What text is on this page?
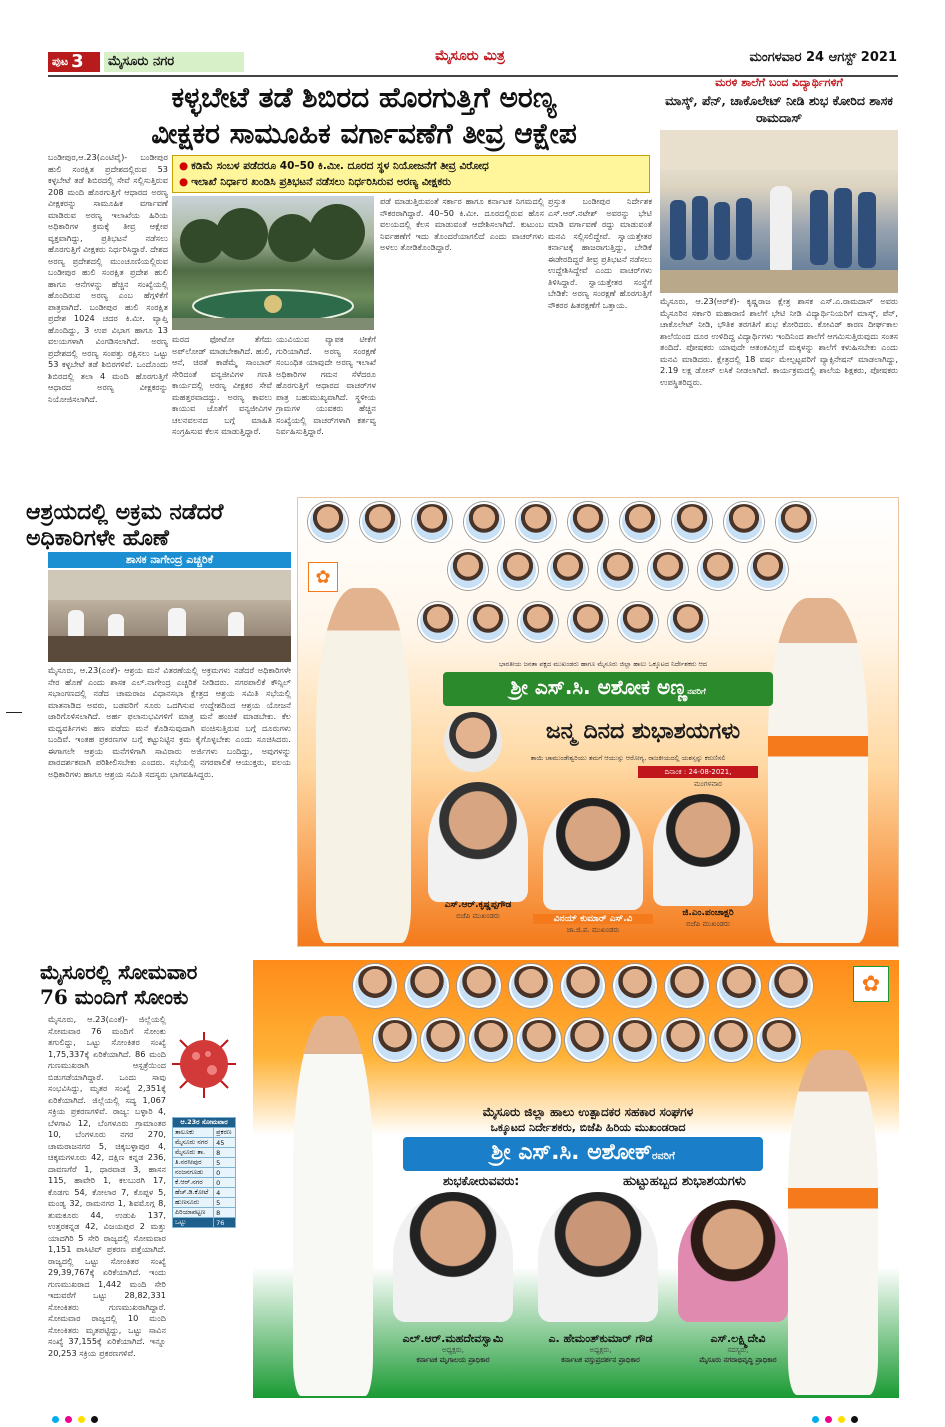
ಪುಟ 3	ಮೈಸೂರು ನಗರ	ಮೈಸೂರು ಮಿತ್ರ	ಮಂಗಳವಾರ 24 ಆಗಸ್ಟ್ 2021
ಕಳ್ಳಬೇಟೆ ತಡೆ ಶಿಬಿರದ ಹೊರಗುತ್ತಿಗೆ ಅರಣ್ಯ
ವೀಕ್ಷಕರ ಸಾಮೂಹಿಕ ವರ್ಗಾವಣೆಗೆ ತೀವ್ರ ಆಕ್ಷೇಪ
ಬಂಡೀಪುರ,ಆ.23(ಎಂಟಿವೈ)- ಬಂಡೀಪುರ ಹುಲಿ ಸಂರಕ್ಷಿತ ಪ್ರದೇಶದಲ್ಲಿರುವ 53 ಕಳ್ಳಬೇಟೆ ತಡೆ ಶಿಬಿರದಲ್ಲಿ ಸೇವೆ ಸಲ್ಲಿಸುತ್ತಿರುವ 208 ಮಂದಿ ಹೊರಗುತ್ತಿಗೆ ಆಧಾರದ ಅರಣ್ಯ ವೀಕ್ಷಕರನ್ನು ಸಾಮೂಹಿಕ ವರ್ಗಾವಣೆ ಮಾಡಿರುವ ಅರಣ್ಯ ಇಲಾಖೆಯ ಹಿರಿಯ ಅಧಿಕಾರಿಗಳ ಕ್ರಮಕ್ಕೆ ತೀವ್ರ ಆಕ್ಷೇಪ ವ್ಯಕ್ತವಾಗಿದ್ದು, ಪ್ರತಿಭಟನೆ ನಡೆಸಲು ಹೊರಗುತ್ತಿಗೆ ವೀಕ್ಷಕರು ನಿರ್ಧರಿಸಿದ್ದಾರೆ. ದೇಶದ ಅರಣ್ಯ ಪ್ರದೇಶದಲ್ಲಿ ಮುಂಚೂಣಿಯಲ್ಲಿರುವ ಬಂಡೀಪುರ ಹುಲಿ ಸಂರಕ್ಷಿತ ಪ್ರದೇಶ ಹುಲಿ ಹಾಗೂ ಆನೆಗಳನ್ನು ಹೆಚ್ಚಿನ ಸಂಖ್ಯೆಯಲ್ಲಿ ಹೊಂದಿರುವ ಅರಣ್ಯ ಎಂಬ ಹೆಗ್ಗಳಿಕೆಗೆ ಪಾತ್ರವಾಗಿದೆ. ಬಂಡೀಪುರ ಹುಲಿ ಸಂರಕ್ಷಿತ ಪ್ರದೇಶ 1024 ಚದರ ಕಿ.ಮೀ. ವ್ಯಾಪ್ತಿ ಹೊಂದಿದ್ದು, 3 ಉಪ ವಿಭಾಗ ಹಾಗೂ 13 ವಲಯಗಳಾಗಿ ವಿಂಗಡಿಸಲಾಗಿದೆ. ಅರಣ್ಯ ಪ್ರದೇಶದಲ್ಲಿ ಅರಣ್ಯ ಸಂಪತ್ತು ರಕ್ಷಿಸಲು ಒಟ್ಟು 53 ಕಳ್ಳಬೇಟೆ ತಡೆ ಶಿಬಿರಗಳಿವೆ. ಒಂದೊಂದು ಶಿಬಿರದಲ್ಲಿ ತಲಾ 4 ಮಂದಿ ಹೊರಗುತ್ತಿಗೆ ಆಧಾರದ ಅರಣ್ಯ ವೀಕ್ಷಕರನ್ನು ನಿಯೋಜಿಸಲಾಗಿದೆ.
● ಕಡಿಮೆ ಸಂಬಳ ಪಡೆದರೂ 40–50 ಕಿ.ಮೀ. ದೂರದ ಸ್ಥಳ ನಿಯೋಜನೆಗೆ ತೀವ್ರ ವಿರೋಧ
● ಇಲಾಖೆ ನಿರ್ಧಾರ ಖಂಡಿಸಿ ಪ್ರತಿಭಟನೆ ನಡೆಸಲು ನಿರ್ಧರಿಸಿರುವ ಅರಣ್ಯ ವೀಕ್ಷಕರು
ಮರದ ಫೋಟೋ ತೆಗೆದು ಅಪ್‌ಲೋಡ್ ಮಾಡಬೇಕಾಗಿದೆ. ಹುಲಿ, ಆನೆ, ಚಿರತೆ ಕಾಡೆಮ್ಮೆ ಸಾಂಬಾರ್ ಸೇರಿದಂತೆ ವನ್ಯಜೀವಿಗಳ ಗಣತಿ ಕಾರ್ಯದಲ್ಲಿ ಅರಣ್ಯ ವೀಕ್ಷಕರ ಸೇವೆ ಮಹತ್ತರವಾದದ್ದು. ಅರಣ್ಯ ಕಾವಲು ಕಾಯುವ ಜೊತೆಗೆ ವನ್ಯಜೀವಿಗಳ ಚಲನವಲನದ ಬಗ್ಗೆ ಮಾಹಿತಿ ಸಂಗ್ರಹಿಸುವ ಕೆಲಸ ಮಾಡುತ್ತಿದ್ದಾರೆ.
ಯುವಿಯುವ ವ್ಯಾಪಕ ಟೀಕೆಗೆ ಗುರಿಯಾಗಿದೆ. ಅರಣ್ಯ ಸಂರಕ್ಷಣೆ ಸಂಬಂಧಿತ ಯಾವುದೇ ಅರಣ್ಯ ಇಲಾಖೆ ಅಧಿಕಾರಿಗಳ ಗಮನ ಸೆಳೆದರೂ ಹೊರಗುತ್ತಿಗೆ ಆಧಾರದ ವಾಚರ್‌ಗಳ ಪಾತ್ರ ಬಹುಮುಖ್ಯವಾಗಿದೆ. ಸ್ಥಳೀಯ ಗ್ರಾಮಗಳ ಯುವಕರು ಹೆಚ್ಚಿನ ಸಂಖ್ಯೆಯಲ್ಲಿ ವಾಚರ್‌ಗಳಾಗಿ ಕರ್ತವ್ಯ ನಿರ್ವಹಿಸುತ್ತಿದ್ದಾರೆ.
ಪಡೆ ಮಾಡುತ್ತಿರುವಂತೆ ಸರ್ಕಾರ ಹಾಗೂ ಕರ್ನಾಟಕ ನಿಗಮದಲ್ಲಿ ನೌಕರರಾಗಿದ್ದಾರೆ. 40–50 ಕಿ.ಮೀ. ದೂರದಲ್ಲಿರುವ ಹೊಸ ವಲಯದಲ್ಲಿ ಕೆಲಸ ಮಾಡುವಂತೆ ಆದೇಶಿಸಲಾಗಿದೆ. ಕುಟುಂಬ ನಿರ್ವಹಣೆಗೆ ಇದು ತೊಂದರೆಯಾಗಲಿದೆ ಎಂದು ವಾಚರ್‌ಗಳು ಅಳಲು ತೋಡಿಕೊಂಡಿದ್ದಾರೆ.
ಪ್ರಸ್ತುತ ಬಂಡೀಪುರ ನಿರ್ದೇಶಕ ಎಸ್.ಆರ್.ನಟೇಶ್ ಅವರನ್ನು ಭೇಟಿ ಮಾಡಿ ವರ್ಗಾವಣೆ ರದ್ದು ಮಾಡುವಂತೆ ಮನವಿ ಸಲ್ಲಿಸಲಿದ್ದೇವೆ. ಸ್ವಾಯತ್ತೇತರ ಕರ್ನಾಟಕ್ಕೆ ಹಾಜರಾಗುತ್ತಿದ್ದು, ಬೇಡಿಕೆ ಈಡೇರದಿದ್ದರೆ ತೀವ್ರ ಪ್ರತಿಭಟನೆ ನಡೆಸಲು ಉದ್ದೇಶಿಸಿದ್ದೇವೆ ಎಂದು ವಾಚರ್‌ಗಳು ತಿಳಿಸಿದ್ದಾರೆ. ಸ್ವಾಯತ್ತೇತರ ಸಂಸ್ಥೆಗೆ ಬೇಡಿಕೆ: ಅರಣ್ಯ ಸಂರಕ್ಷಣೆ ಹೊರಗುತ್ತಿಗೆ ನೌಕರರ ಹಿತರಕ್ಷಣೆಗೆ ಒತ್ತಾಯ.
ಮರಳಿ ಶಾಲೆಗೆ ಬಂದ ವಿದ್ಯಾರ್ಥಿಗಳಿಗೆ
ಮಾಸ್ಕ್, ಪೆನ್, ಚಾಕೊಲೇಟ್ ನೀಡಿ ಶುಭ ಕೋರಿದ ಶಾಸಕ ರಾಮದಾಸ್
ಮೈಸೂರು, ಆ.23(ಆರ್‌ಕೆ)- ಕೃಷ್ಣರಾಜ ಕ್ಷೇತ್ರ ಶಾಸಕ ಎಸ್.ಎ.ರಾಮದಾಸ್ ಅವರು ಮೈಸೂರಿನ ಸರ್ಕಾರಿ ಮಹಾರಾಣಿ ಶಾಲೆಗೆ ಭೇಟಿ ನೀಡಿ ವಿದ್ಯಾರ್ಥಿನಿಯರಿಗೆ ಮಾಸ್ಕ್, ಪೆನ್, ಚಾಕೊಲೇಟ್ ನೀಡಿ, ಭೌತಿಕ ತರಗತಿಗೆ ಶುಭ ಕೋರಿದರು. ಕೋವಿಡ್ ಕಾರಣ ದೀರ್ಘಕಾಲ ಶಾಲೆಯಿಂದ ದೂರ ಉಳಿದಿದ್ದ ವಿದ್ಯಾರ್ಥಿಗಳು ಇಂದಿನಿಂದ ಶಾಲೆಗೆ ಆಗಮಿಸುತ್ತಿರುವುದು ಸಂತಸ ತಂದಿದೆ. ಪೋಷಕರು ಯಾವುದೇ ಆತಂಕವಿಲ್ಲದೆ ಮಕ್ಕಳನ್ನು ಶಾಲೆಗೆ ಕಳುಹಿಸಬೇಕು ಎಂದು ಮನವಿ ಮಾಡಿದರು. ಕ್ಷೇತ್ರದಲ್ಲಿ 18 ವರ್ಷ ಮೇಲ್ಪಟ್ಟವರಿಗೆ ವ್ಯಾಕ್ಸಿನೇಷನ್ ಮಾಡಲಾಗಿದ್ದು, 2.19 ಲಕ್ಷ ಡೋಸ್ ಲಸಿಕೆ ನೀಡಲಾಗಿದೆ. ಕಾರ್ಯಕ್ರಮದಲ್ಲಿ ಶಾಲೆಯ ಶಿಕ್ಷಕರು, ಪೋಷಕರು ಉಪಸ್ಥಿತರಿದ್ದರು.
ಆಶ್ರಯದಲ್ಲಿ ಅಕ್ರಮ ನಡೆದರೆ
ಅಧಿಕಾರಿಗಳೇ ಹೊಣೆ
ಶಾಸಕ ನಾಗೇಂದ್ರ ಎಚ್ಚರಿಕೆ
ಮೈಸೂರು, ಆ.23(ಎಂಕೆ)- ಆಶ್ರಯ ಮನೆ ವಿತರಣೆಯಲ್ಲಿ ಅಕ್ರಮಗಳು ನಡೆದರೆ ಅಧಿಕಾರಿಗಳೇ ನೇರ ಹೊಣೆ ಎಂದು ಶಾಸಕ ಎಲ್.ನಾಗೇಂದ್ರ ಎಚ್ಚರಿಕೆ ನೀಡಿದರು. ನಗರಪಾಲಿಕೆ ಕೌನ್ಸಿಲ್ ಸಭಾಂಗಣದಲ್ಲಿ ನಡೆದ ಚಾಮರಾಜ ವಿಧಾನಸಭಾ ಕ್ಷೇತ್ರದ ಆಶ್ರಯ ಸಮಿತಿ ಸಭೆಯಲ್ಲಿ ಮಾತನಾಡಿದ ಅವರು, ಬಡವರಿಗೆ ಸೂರು ಒದಗಿಸುವ ಉದ್ದೇಶದಿಂದ ಆಶ್ರಯ ಯೋಜನೆ ಜಾರಿಗೊಳಿಸಲಾಗಿದೆ. ಅರ್ಹ ಫಲಾನುಭವಿಗಳಿಗೆ ಮಾತ್ರ ಮನೆ ಹಂಚಿಕೆ ಮಾಡಬೇಕು. ಕೆಲ ಮಧ್ಯವರ್ತಿಗಳು ಹಣ ಪಡೆದು ಮನೆ ಕೊಡಿಸುವುದಾಗಿ ವಂಚಿಸುತ್ತಿರುವ ಬಗ್ಗೆ ದೂರುಗಳು ಬಂದಿವೆ. ಇಂತಹ ಪ್ರಕರಣಗಳ ಬಗ್ಗೆ ಕಟ್ಟುನಿಟ್ಟಿನ ಕ್ರಮ ಕೈಗೊಳ್ಳಬೇಕು ಎಂದು ಸೂಚಿಸಿದರು. ಈಗಾಗಲೇ ಆಶ್ರಯ ಮನೆಗಳಿಗಾಗಿ ಸಾವಿರಾರು ಅರ್ಜಿಗಳು ಬಂದಿದ್ದು, ಅವುಗಳನ್ನು ಪಾರದರ್ಶಕವಾಗಿ ಪರಿಶೀಲಿಸಬೇಕು ಎಂದರು. ಸಭೆಯಲ್ಲಿ ನಗರಪಾಲಿಕೆ ಆಯುಕ್ತರು, ವಲಯ ಅಧಿಕಾರಿಗಳು ಹಾಗೂ ಆಶ್ರಯ ಸಮಿತಿ ಸದಸ್ಯರು ಭಾಗವಹಿಸಿದ್ದರು.
✿
ಭಾರತೀಯ ಜನತಾ ಪಕ್ಷದ ಮುಖಂಡರು ಹಾಗೂ ಮೈಸೂರು ಜಿಲ್ಲಾ ಹಾಲು ಒಕ್ಕೂಟದ ನಿರ್ದೇಶಕರು ಆದ
ಶ್ರೀ ಎಸ್.ಸಿ. ಅಶೋಕ ಅಣ್ಣನವರಿಗೆ
ಜನ್ಮ ದಿನದ ಶುಭಾಶಯಗಳು
ತಾಯಿ ಚಾಮುಂಡೇಶ್ವರಿಯು ತಮಗೆ ಆಯುಸ್ಸು ಆರೋಗ್ಯ, ರಾಜಕೀಯದಲ್ಲಿ ಯಶಸ್ಸನ್ನು ಕರುಣಿಸಲಿ
ದಿನಾಂಕ : 24-08-2021,
ಮಂಗಳವಾರ
ಎಸ್.ಆರ್.ಕೃಷ್ಣಪ್ಪಗೌಡ
ಬಿಜೆಪಿ ಮುಖಂಡರು	ವಿನಯ್ ಕುಮಾರ್ ಎಸ್.ವಿ
ಜಾ.ಜಿ.ಪ. ಮುಖಂಡರು
ಜಿ.ಎಂ.ಪಂಚಾಕ್ಷರಿ
ಬಿಜೆಪಿ ಮುಖಂಡರು
ಮೈಸೂರಲ್ಲಿ ಸೋಮವಾರ
76 ಮಂದಿಗೆ ಸೋಂಕು
ಮೈಸೂರು, ಆ.23(ಎಂಕೆ)- ಜಿಲ್ಲೆಯಲ್ಲಿ ಸೋಮವಾರ 76 ಮಂದಿಗೆ ಸೋಂಕು ತಗುಲಿದ್ದು, ಒಟ್ಟು ಸೋಂಕಿತರ ಸಂಖ್ಯೆ 1,75,337ಕ್ಕೆ ಏರಿಕೆಯಾಗಿದೆ. 86 ಮಂದಿ ಗುಣಮುಖರಾಗಿ ಆಸ್ಪತ್ರೆಯಿಂದ ಬಿಡುಗಡೆಯಾಗಿದ್ದಾರೆ. ಒಂದು ಸಾವು ಸಂಭವಿಸಿದ್ದು, ಮೃತರ ಸಂಖ್ಯೆ 2,351ಕ್ಕೆ ಏರಿಕೆಯಾಗಿದೆ. ಜಿಲ್ಲೆಯಲ್ಲಿ ಸದ್ಯ 1,067 ಸಕ್ರಿಯ ಪ್ರಕರಣಗಳಿವೆ. ರಾಜ್ಯ: ಬಳ್ಳಾರಿ 4, ಬೆಳಗಾವಿ 12, ಬೆಂಗಳೂರು ಗ್ರಾಮಾಂತರ 10, ಬೆಂಗಳೂರು ನಗರ 270, ಚಾಮರಾಜನಗರ 5, ಚಿಕ್ಕಬಳ್ಳಾಪುರ 4, ಚಿಕ್ಕಮಗಳೂರು 42, ದಕ್ಷಿಣ ಕನ್ನಡ 236, ದಾವಣಗೆರೆ 1, ಧಾರವಾಡ 3, ಹಾಸನ 115, ಹಾವೇರಿ 1, ಕಲಬುರಗಿ 17, ಕೊಡಗು 54, ಕೋಲಾರ 7, ಕೊಪ್ಪಳ 5, ಮಂಡ್ಯ 32, ರಾಮನಗರ 1, ಶಿವಮೊಗ್ಗ 8, ತುಮಕೂರು 44, ಉಡುಪಿ 137, ಉತ್ತರಕನ್ನಡ 42, ವಿಜಯಪುರ 2 ಮತ್ತು ಯಾದಗಿರಿ 5 ಸೇರಿ ರಾಜ್ಯದಲ್ಲಿ ಸೋಮವಾರ 1,151 ಪಾಸಿಟಿವ್ ಪ್ರಕರಣ ಪತ್ತೆಯಾಗಿದೆ. ರಾಜ್ಯದಲ್ಲಿ ಒಟ್ಟು ಸೋಂಕಿತರ ಸಂಖ್ಯೆ 29,39,767ಕ್ಕೆ ಏರಿಕೆಯಾಗಿದೆ. ಇಂದು ಗುಣಮುಖರಾದ 1,442 ಮಂದಿ ಸೇರಿ ಇದುವರೆಗೆ ಒಟ್ಟು 28,82,331 ಸೋಂಕಿತರು ಗುಣಮುಖರಾಗಿದ್ದಾರೆ. ಸೋಮವಾರ ರಾಜ್ಯದಲ್ಲಿ 10 ಮಂದಿ ಸೋಂಕಿತರು ಮೃತಪಟ್ಟಿದ್ದು, ಒಟ್ಟು ಸಾವಿನ ಸಂಖ್ಯೆ 37,155ಕ್ಕೆ ಏರಿಕೆಯಾಗಿದೆ. ಇನ್ನೂ 20,253 ಸಕ್ರಿಯ ಪ್ರಕರಣಗಳಿವೆ.
ಆ.23ರ ಸೋಮವಾರ	
ತಾಲೂಕು	ಪ್ರಕರಣ
ಮೈಸೂರು ನಗರ	45
ಮೈಸೂರು ತಾ.	8
ತಿ.ನರಸೀಪುರ	5
ನಂಜನಗೂಡು	0
ಕೆ.ಆರ್.ನಗರ	0
ಹೆಚ್.ಡಿ.ಕೋಟೆ	4
ಹುಣಸೂರು	5
ಪಿರಿಯಾಪಟ್ಟಣ	8
ಒಟ್ಟು	76
✿
ಮೈಸೂರು ಜಿಲ್ಲಾ ಹಾಲು ಉತ್ಪಾದಕರ ಸಹಕಾರ ಸಂಘಗಳ
ಒಕ್ಕೂಟದ ನಿರ್ದೇಶಕರು, ಬಿಜೆಪಿ ಹಿರಿಯ ಮುಖಂಡರಾದ
ಶ್ರೀ ಎಸ್.ಸಿ. ಅಶೋಕ್ರವರಿಗೆ
ಶುಭಕೋರುವವರು:	ಹುಟ್ಟುಹಬ್ಬದ ಶುಭಾಶಯಗಳು
ಎಲ್.ಆರ್.ಮಹದೇವಸ್ವಾಮಿ
ಅಧ್ಯಕ್ಷರು,
ಕರ್ನಾಟಕ ಮೃಗಾಲಯ ಪ್ರಾಧಿಕಾರ
ಎ. ಹೇಮಂತ್‌ಕುಮಾರ್ ಗೌಡ
ಅಧ್ಯಕ್ಷರು,
ಕರ್ನಾಟಕ ವಸ್ತುಪ್ರದರ್ಶನ ಪ್ರಾಧಿಕಾರ
ಎಸ್.ಲಕ್ಷ್ಮಿದೇವಿ
ಸದಸ್ಯರು,
ಮೈಸೂರು ನಗರಾಭಿವೃದ್ಧಿ ಪ್ರಾಧಿಕಾರ
